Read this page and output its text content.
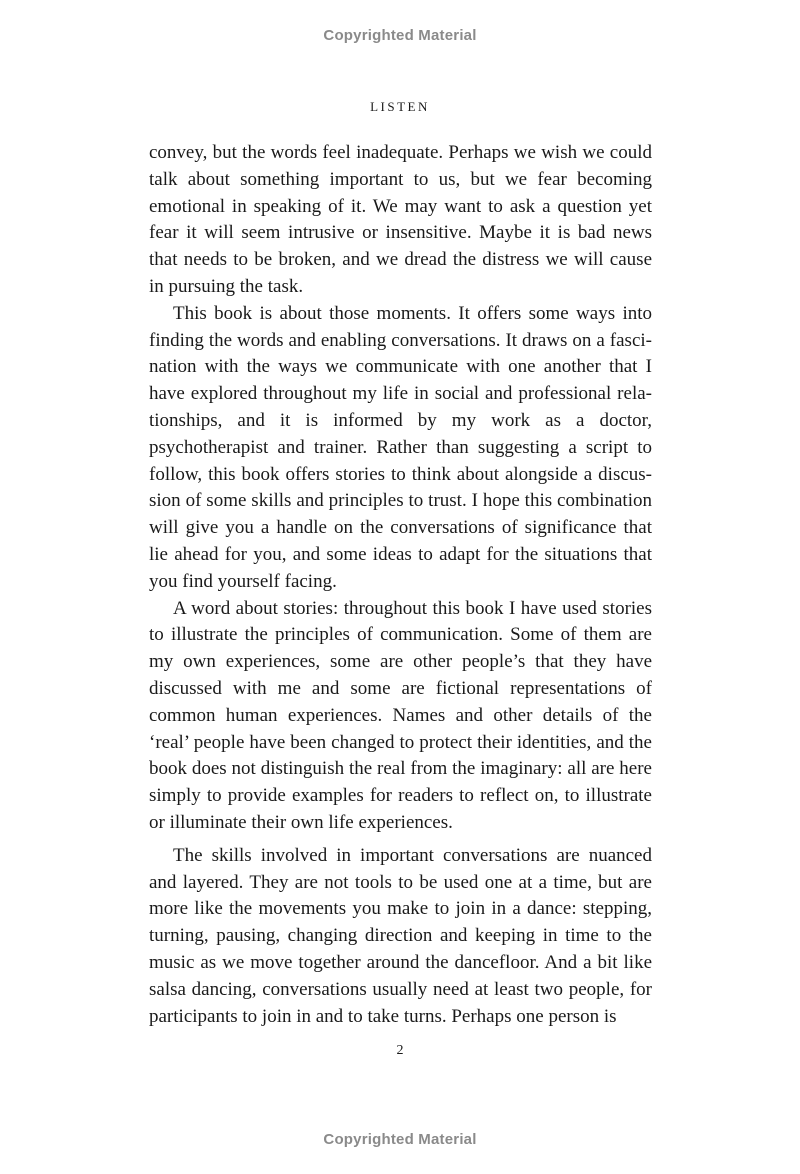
Copyrighted Material
LISTEN

convey, but the words feel inadequate. Perhaps we wish we could talk about something important to us, but we fear becoming emotional in speaking of it. We may want to ask a question yet fear it will seem intrusive or insensitive. Maybe it is bad news that needs to be broken, and we dread the distress we will cause in pursuing the task.

This book is about those moments. It offers some ways into finding the words and enabling conversations. It draws on a fascination with the ways we communicate with one another that I have explored throughout my life in social and professional relationships, and it is informed by my work as a doctor, psychotherapist and trainer. Rather than suggesting a script to follow, this book offers stories to think about alongside a discussion of some skills and principles to trust. I hope this combination will give you a handle on the conversations of significance that lie ahead for you, and some ideas to adapt for the situations that you find yourself facing.

A word about stories: throughout this book I have used stories to illustrate the principles of communication. Some of them are my own experiences, some are other people’s that they have discussed with me and some are fictional representations of common human experiences. Names and other details of the ‘real’ people have been changed to protect their identities, and the book does not distinguish the real from the imaginary: all are here simply to provide examples for readers to reflect on, to illustrate or illuminate their own life experiences.

The skills involved in important conversations are nuanced and layered. They are not tools to be used one at a time, but are more like the movements you make to join in a dance: stepping, turning, pausing, changing direction and keeping in time to the music as we move together around the dancefloor. And a bit like salsa dancing, conversations usually need at least two people, for participants to join in and to take turns. Perhaps one person is

2
Copyrighted Material
